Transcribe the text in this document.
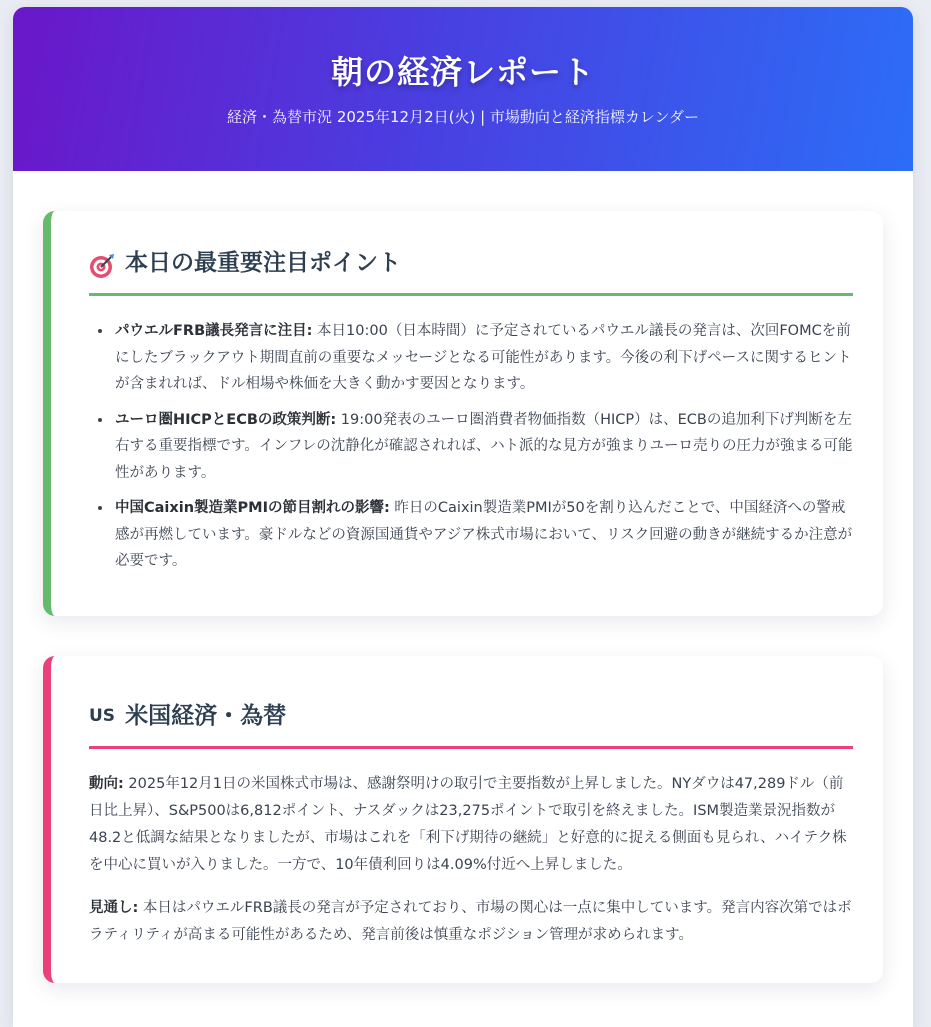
朝の経済レポート
経済・為替市況 2025年12月2日(火) | 市場動向と経済指標カレンダー
本日の最重要注目ポイント
• パウエルFRB議長発言に注目: 本日10:00（日本時間）に予定されているパウエル議長の発言は、次回FOMCを前にしたブラックアウト期間直前の重要なメッセージとなる可能性があります。今後の利下げペースに関するヒントが含まれれば、ドル相場や株価を大きく動かす要因となります。
• ユーロ圏HICPとECBの政策判断: 19:00発表のユーロ圏消費者物価指数（HICP）は、ECBの追加利下げ判断を左右する重要指標です。インフレの沈静化が確認されれば、ハト派的な見方が強まりユーロ売りの圧力が強まる可能性があります。
• 中国Caixin製造業PMIの節目割れの影響: 昨日のCaixin製造業PMIが50を割り込んだことで、中国経済への警戒感が再燃しています。豪ドルなどの資源国通貨やアジア株式市場において、リスク回避の動きが継続するか注意が必要です。
US 米国経済・為替

動向: 2025年12月1日の米国株式市場は、感謝祭明けの取引で主要指数が上昇しました。NYダウは47,289ドル（前日比上昇）、S&P500は6,812ポイント、ナスダックは23,275ポイントで取引を終えました。ISM製造業景況指数が48.2と低調な結果となりましたが、市場はこれを「利下げ期待の継続」と好意的に捉える側面も見られ、ハイテク株を中心に買いが入りました。一方で、10年債利回りは4.09%付近へ上昇しました。

見通し: 本日はパウエルFRB議長の発言が予定されており、市場の関心は一点に集中しています。発言内容次第ではボラティリティが高まる可能性があるため、発言前後は慎重なポジション管理が求められます。
